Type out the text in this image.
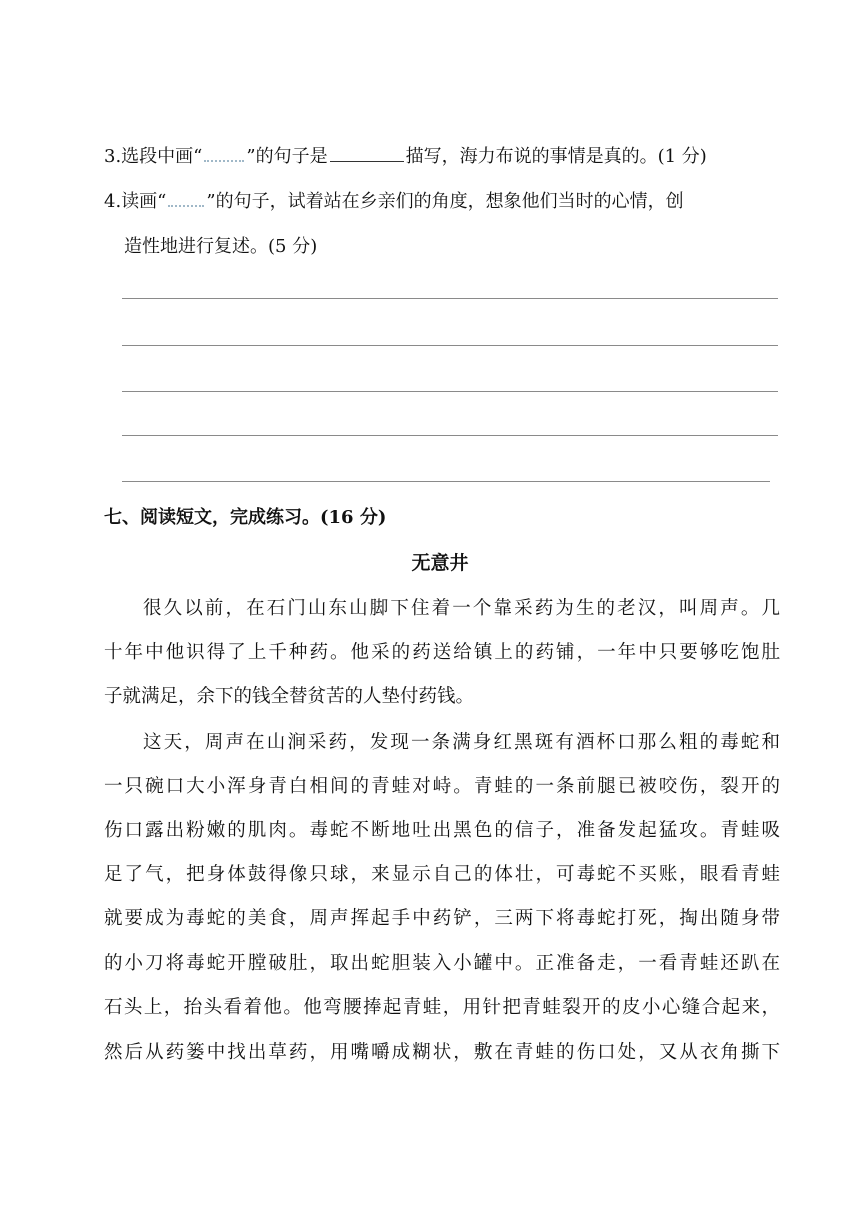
3.选段中画“ ”的句子是	描写，海力布说的事情是真的。(1 分)
4.读画“ ”的句子，试着站在乡亲们的角度，想象他们当时的心情，创
造性地进行复述。(5 分)
七、阅读短文，完成练习。(16 分)
无意井
很久以前，在石门山东山脚下住着一个靠采药为生的老汉，叫周声。几
十年中他识得了上千种药。他采的药送给镇上的药铺，一年中只要够吃饱肚
子就满足，余下的钱全替贫苦的人垫付药钱。
这天，周声在山涧采药，发现一条满身红黑斑有酒杯口那么粗的毒蛇和
一只碗口大小浑身青白相间的青蛙对峙。青蛙的一条前腿已被咬伤，裂开的
伤口露出粉嫩的肌肉。毒蛇不断地吐出黑色的信子，准备发起猛攻。青蛙吸
足了气，把身体鼓得像只球，来显示自己的体壮，可毒蛇不买账，眼看青蛙
就要成为毒蛇的美食，周声挥起手中药铲，三两下将毒蛇打死，掏出随身带
的小刀将毒蛇开膛破肚，取出蛇胆装入小罐中。正准备走，一看青蛙还趴在
石头上，抬头看着他。他弯腰捧起青蛙，用针把青蛙裂开的皮小心缝合起来，
然后从药篓中找出草药，用嘴嚼成糊状，敷在青蛙的伤口处，又从衣角撕下
